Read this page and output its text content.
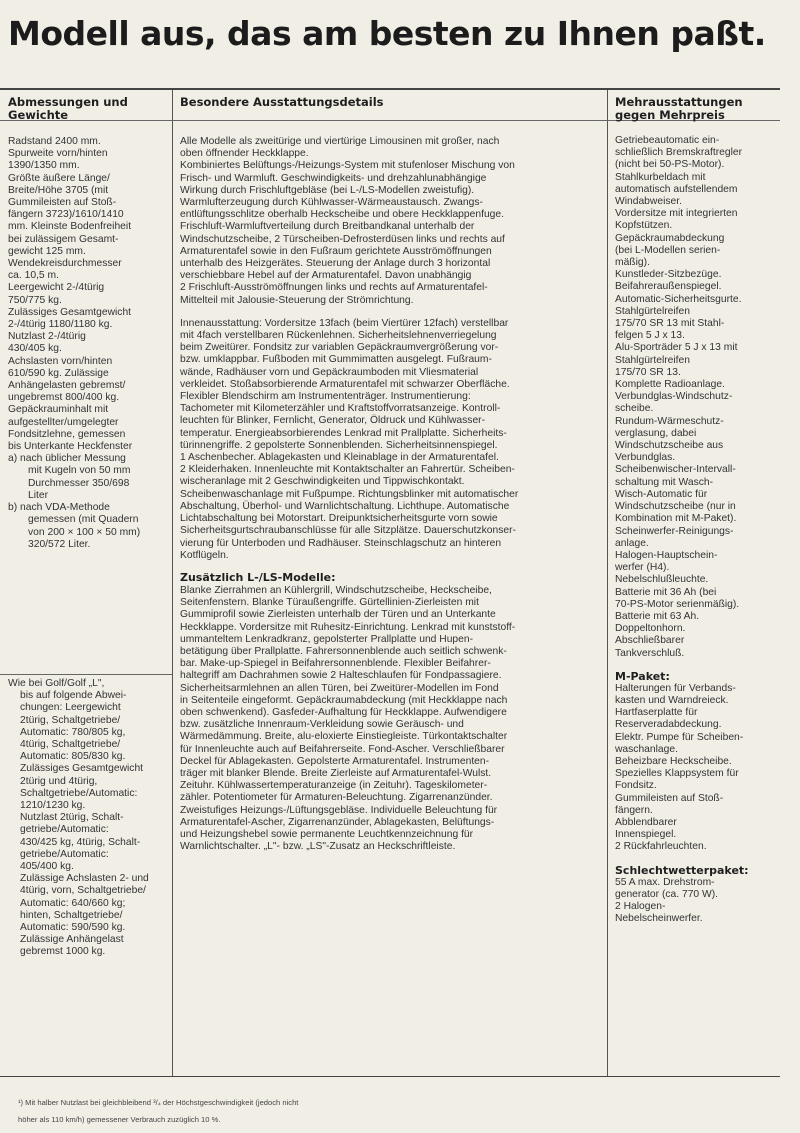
Modell aus, das am besten zu Ihnen paßt.
Abmessungen und Gewichte

Radstand 2400 mm.

Spurweite vorn/hinten

1390/1350 mm.

Größte äußere Länge/

Breite/Höhe 3705 (mit

Gummileisten auf Stoß-

fängern 3723)/1610/1410

mm. Kleinste Bodenfreiheit

bei zulässigem Gesamt-

gewicht 125 mm.

Wendekreisdurchmesser

ca. 10,5 m.

Leergewicht 2-/4türig

750/775 kg.

Zulässiges Gesamtgewicht

2-/4türig 1180/1180 kg.

Nutzlast 2-/4türig

430/405 kg.

Achslasten vorn/hinten

610/590 kg. Zulässige

Anhängelasten gebremst/

ungebremst 800/400 kg.

Gepäckrauminhalt mit

aufgestellter/umgelegter

Fondsitzlehne, gemessen

bis Unterkante Heckfenster

a) nach üblicher Messung

mit Kugeln von 50 mm

Durchmesser 350/698

Liter

b) nach VDA-Methode

gemessen (mit Quadern

von 200 × 100 × 50 mm)

320/572 Liter.

Wie bei Golf/Golf „L",

bis auf folgende Abwei-

chungen: Leergewicht

2türig, Schaltgetriebe/

Automatic: 780/805 kg,

4türig, Schaltgetriebe/

Automatic: 805/830 kg.

Zulässiges Gesamtgewicht

2türig und 4türig,

Schaltgetriebe/Automatic:

1210/1230 kg.

Nutzlast 2türig, Schalt-

getriebe/Automatic:

430/425 kg, 4türig, Schalt-

getriebe/Automatic:

405/400 kg.

Zulässige Achslasten 2- und

4türig, vorn, Schaltgetriebe/

Automatic: 640/660 kg;

hinten, Schaltgetriebe/

Automatic: 590/590 kg.

Zulässige Anhängelast

gebremst 1000 kg.

Besondere Ausstattungsdetails

Alle Modelle als zweitürige und viertürige Limousinen mit großer, nach

oben öffnender Heckklappe.

Kombiniertes Belüftungs-/Heizungs-System mit stufenloser Mischung von

Frisch- und Warmluft. Geschwindigkeits- und drehzahlunabhängige

Wirkung durch Frischluftgebläse (bei L-/LS-Modellen zweistufig).

Warmlufterzeugung durch Kühlwasser-Wärmeaustausch. Zwangs-

entlüftungsschlitze oberhalb Heckscheibe und obere Heckklappenfuge.

Frischluft-Warmluftverteilung durch Breitbandkanal unterhalb der

Windschutzscheibe, 2 Türscheiben-Defrosterdüsen links und rechts auf

Armaturentafel sowie in den Fußraum gerichtete Ausströmöffnungen

unterhalb des Heizgerätes. Steuerung der Anlage durch 3 horizontal

verschiebbare Hebel auf der Armaturentafel. Davon unabhängig

2 Frischluft-Ausströmöffnungen links und rechts auf Armaturentafel-

Mittelteil mit Jalousie-Steuerung der Strömrichtung.

Innenausstattung: Vordersitze 13fach (beim Viertürer 12fach) verstellbar

mit 4fach verstellbaren Rückenlehnen. Sicherheitslehnenverriegelung

beim Zweitürer. Fondsitz zur variablen Gepäckraumvergrößerung vor-

bzw. umklappbar. Fußboden mit Gummimatten ausgelegt. Fußraum-

wände, Radhäuser vorn und Gepäckraumboden mit Vliesmaterial

verkleidet. Stoßabsorbierende Armaturentafel mit schwarzer Oberfläche.

Flexibler Blendschirm am Instrumententräger. Instrumentierung:

Tachometer mit Kilometerzähler und Kraftstoffvorratsanzeige. Kontroll-

leuchten für Blinker, Fernlicht, Generator, Öldruck und Kühlwasser-

temperatur. Energieabsorbierendes Lenkrad mit Prallplatte. Sicherheits-

türinnengriffe. 2 gepolsterte Sonnenblenden. Sicherheitsinnenspiegel.

1 Aschenbecher. Ablagekasten und Kleinablage in der Armaturentafel.

2 Kleiderhaken. Innenleuchte mit Kontaktschalter an Fahrertür. Scheiben-

wischeranlage mit 2 Geschwindigkeiten und Tippwischkontakt.

Scheibenwaschanlage mit Fußpumpe. Richtungsblinker mit automatischer

Abschaltung, Überhol- und Warnlichtschaltung. Lichthupe. Automatische

Lichtabschaltung bei Motorstart. Dreipunktsicherheitsgurte vorn sowie

Sicherheitsgurtschraubanschlüsse für alle Sitzplätze. Dauerschutzkonser-

vierung für Unterboden und Radhäuser. Steinschlagschutz an hinteren

Kotflügeln.

Zusätzlich L-/LS-Modelle:

Blanke Zierrahmen an Kühlergrill, Windschutzscheibe, Heckscheibe,

Seitenfenstern. Blanke Türaußengriffe. Gürtellinien-Zierleisten mit

Gummiprofil sowie Zierleisten unterhalb der Türen und an Unterkante

Heckklappe. Vordersitze mit Ruhesitz-Einrichtung. Lenkrad mit kunststoff-

ummanteltem Lenkradkranz, gepolsterter Prallplatte und Hupen-

betätigung über Prallplatte. Fahrersonnenblende auch seitlich schwenk-

bar. Make-up-Spiegel in Beifahrersonnenblende. Flexibler Beifahrer-

haltegriff am Dachrahmen sowie 2 Halteschlaufen für Fondpassagiere.

Sicherheitsarmlehnen an allen Türen, bei Zweitürer-Modellen im Fond

in Seitenteile eingeformt. Gepäckraumabdeckung (mit Heckklappe nach

oben schwenkend). Gasfeder-Aufhaltung für Heckklappe. Aufwendigere

bzw. zusätzliche Innenraum-Verkleidung sowie Geräusch- und

Wärmedämmung. Breite, alu-eloxierte Einstiegleiste. Türkontaktschalter

für Innenleuchte auch auf Beifahrerseite. Fond-Ascher. Verschließbarer

Deckel für Ablagekasten. Gepolsterte Armaturentafel. Instrumenten-

träger mit blanker Blende. Breite Zierleiste auf Armaturentafel-Wulst.

Zeituhr. Kühlwassertemperaturanzeige (in Zeituhr). Tageskilometer-

zähler. Potentiometer für Armaturen-Beleuchtung. Zigarrenanzünder.

Zweistufiges Heizungs-/Lüftungsgebläse. Individuelle Beleuchtung für

Armaturentafel-Ascher, Zigarrenanzünder, Ablagekasten, Belüftungs-

und Heizungshebel sowie permanente Leuchtkennzeichnung für

Warnlichtschalter. „L"- bzw. „LS"-Zusatz an Heckschriftleiste.

Mehrausstattungen gegen Mehrpreis

Getriebeautomatic ein-

schließlich Bremskraftregler

(nicht bei 50-PS-Motor).

Stahlkurbeldach mit

automatisch aufstellendem

Windabweiser.

Vordersitze mit integrierten

Kopfstützen.

Gepäckraumabdeckung

(bei L-Modellen serien-

mäßig).

Kunstleder-Sitzbezüge.

Beifahreraußenspiegel.

Automatic-Sicherheitsgurte.

Stahlgürtelreifen

175/70 SR 13 mit Stahl-

felgen 5 J x 13.

Alu-Sporträder 5 J x 13 mit

Stahlgürtelreifen

175/70 SR 13.

Komplette Radioanlage.

Verbundglas-Windschutz-

scheibe.

Rundum-Wärmeschutz-

verglasung, dabei

Windschutzscheibe aus

Verbundglas.

Scheibenwischer-Intervall-

schaltung mit Wasch-

Wisch-Automatic für

Windschutzscheibe (nur in

Kombination mit M-Paket).

Scheinwerfer-Reinigungs-

anlage.

Halogen-Hauptschein-

werfer (H4).

Nebelschlußleuchte.

Batterie mit 36 Ah (bei

70-PS-Motor serienmäßig).

Batterie mit 63 Ah.

Doppeltonhorn.

Abschließbarer

Tankverschluß.

M-Paket:

Halterungen für Verbands-

kasten und Warndreieck.

Hartfaserplatte für

Reserveradabdeckung.

Elektr. Pumpe für Scheiben-

waschanlage.

Beheizbare Heckscheibe.

Spezielles Klappsystem für

Fondsitz.

Gummileisten auf Stoß-

fängern.

Abblendbarer

Innenspiegel.

2 Rückfahrleuchten.

Schlechtwetterpaket:

55 A max. Drehstrom-

generator (ca. 770 W).

2 Halogen-

Nebelscheinwerfer.

¹) Mit halber Nutzlast bei gleichbleibend ³/₄ der Höchstgeschwindigkeit (jedoch nicht

höher als 110 km/h) gemessener Verbrauch zuzüglich 10 %.
